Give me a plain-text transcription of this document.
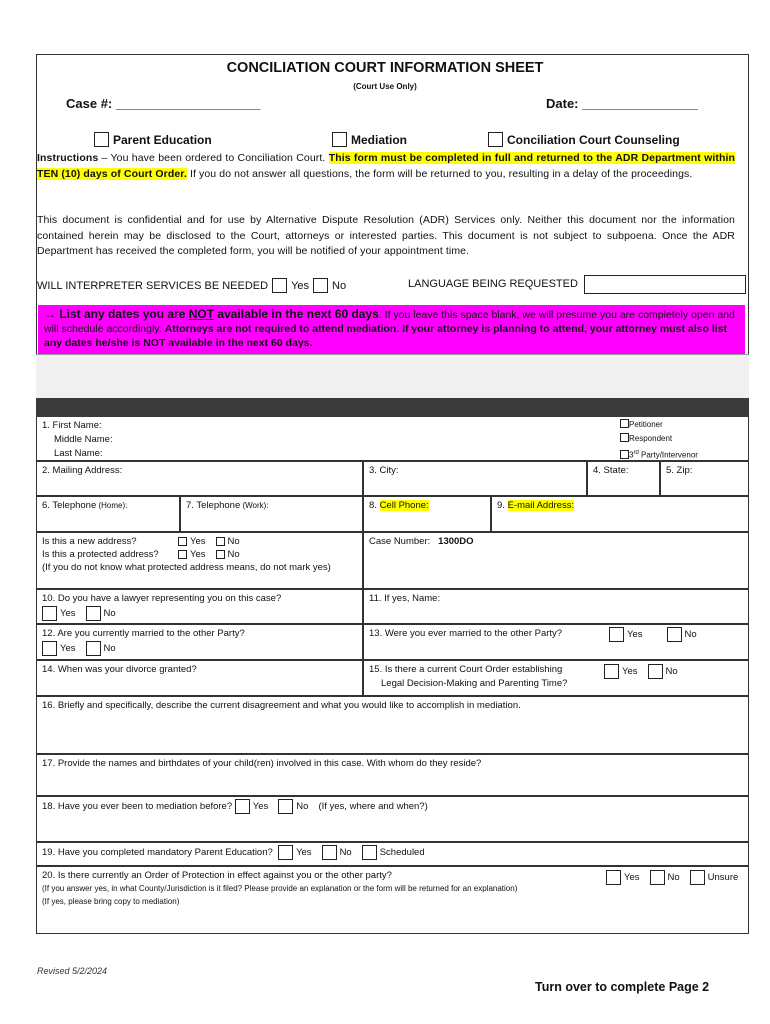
CONCILIATION COURT INFORMATION SHEET
(Court Use Only)
Case #: ____________________	Date: ________________
Parent Education	Mediation	Conciliation Court Counseling
Instructions – You have been ordered to Conciliation Court. This form must be completed in full and returned to the ADR Department within TEN (10) days of Court Order. If you do not answer all questions, the form will be returned to you, resulting in a delay of the proceedings.
This document is confidential and for use by Alternative Dispute Resolution (ADR) Services only. Neither this document nor the information contained herein may be disclosed to the Court, attorneys or interested parties. This document is not subject to subpoena. Once the ADR Department has received the completed form, you will be notified of your appointment time.
WILL INTERPRETER SERVICES BE NEEDED Yes No	LANGUAGE BEING REQUESTED
→ List any dates you are NOT available in the next 60 days. If you leave this space blank, we will presume you are completely open and will schedule accordingly. Attorneys are not required to attend mediation. If your attorney is planning to attend, your attorney must also list any dates he/she is NOT available in the next 60 days.
1. First Name:
Middle Name:
Last Name:
Petitioner
Respondent
3rd Party/Intervenor
2. Mailing Address:	3. City:	4. State:	5. Zip:
6. Telephone (Home):	7. Telephone (Work):	8. Cell Phone:	9. E-mail Address:
Is this a new address?	Yes No
Is this a protected address?	Yes No
(If you do not know what protected address means, do not mark yes)
Case Number: 1300DO
10. Do you have a lawyer representing you on this case?
Yes	No
11. If yes, Name:
12. Are you currently married to the other Party?
Yes	No
13. Were you ever married to the other Party?	Yes	No
14. When was your divorce granted?	15. Is there a current Court Order establishing
Legal Decision-Making and Parenting Time?
Yes	No
16. Briefly and specifically, describe the current disagreement and what you would like to accomplish in mediation.
17. Provide the names and birthdates of your child(ren) involved in this case. With whom do they reside?
18. Have you ever been to mediation before?
Yes	No (If yes, where and when?)
19. Have you completed mandatory Parent Education?
Yes	No	Scheduled
20. Is there currently an Order of Protection in effect against you or the other party?
(If you answer yes, in what County/Jurisdiction is it filed? Please provide an explanation or the form will be returned for an explanation)
(If yes, please bring copy to mediation)
Yes	No	Unsure
Revised 5/2/2024
Turn over to complete Page 2
